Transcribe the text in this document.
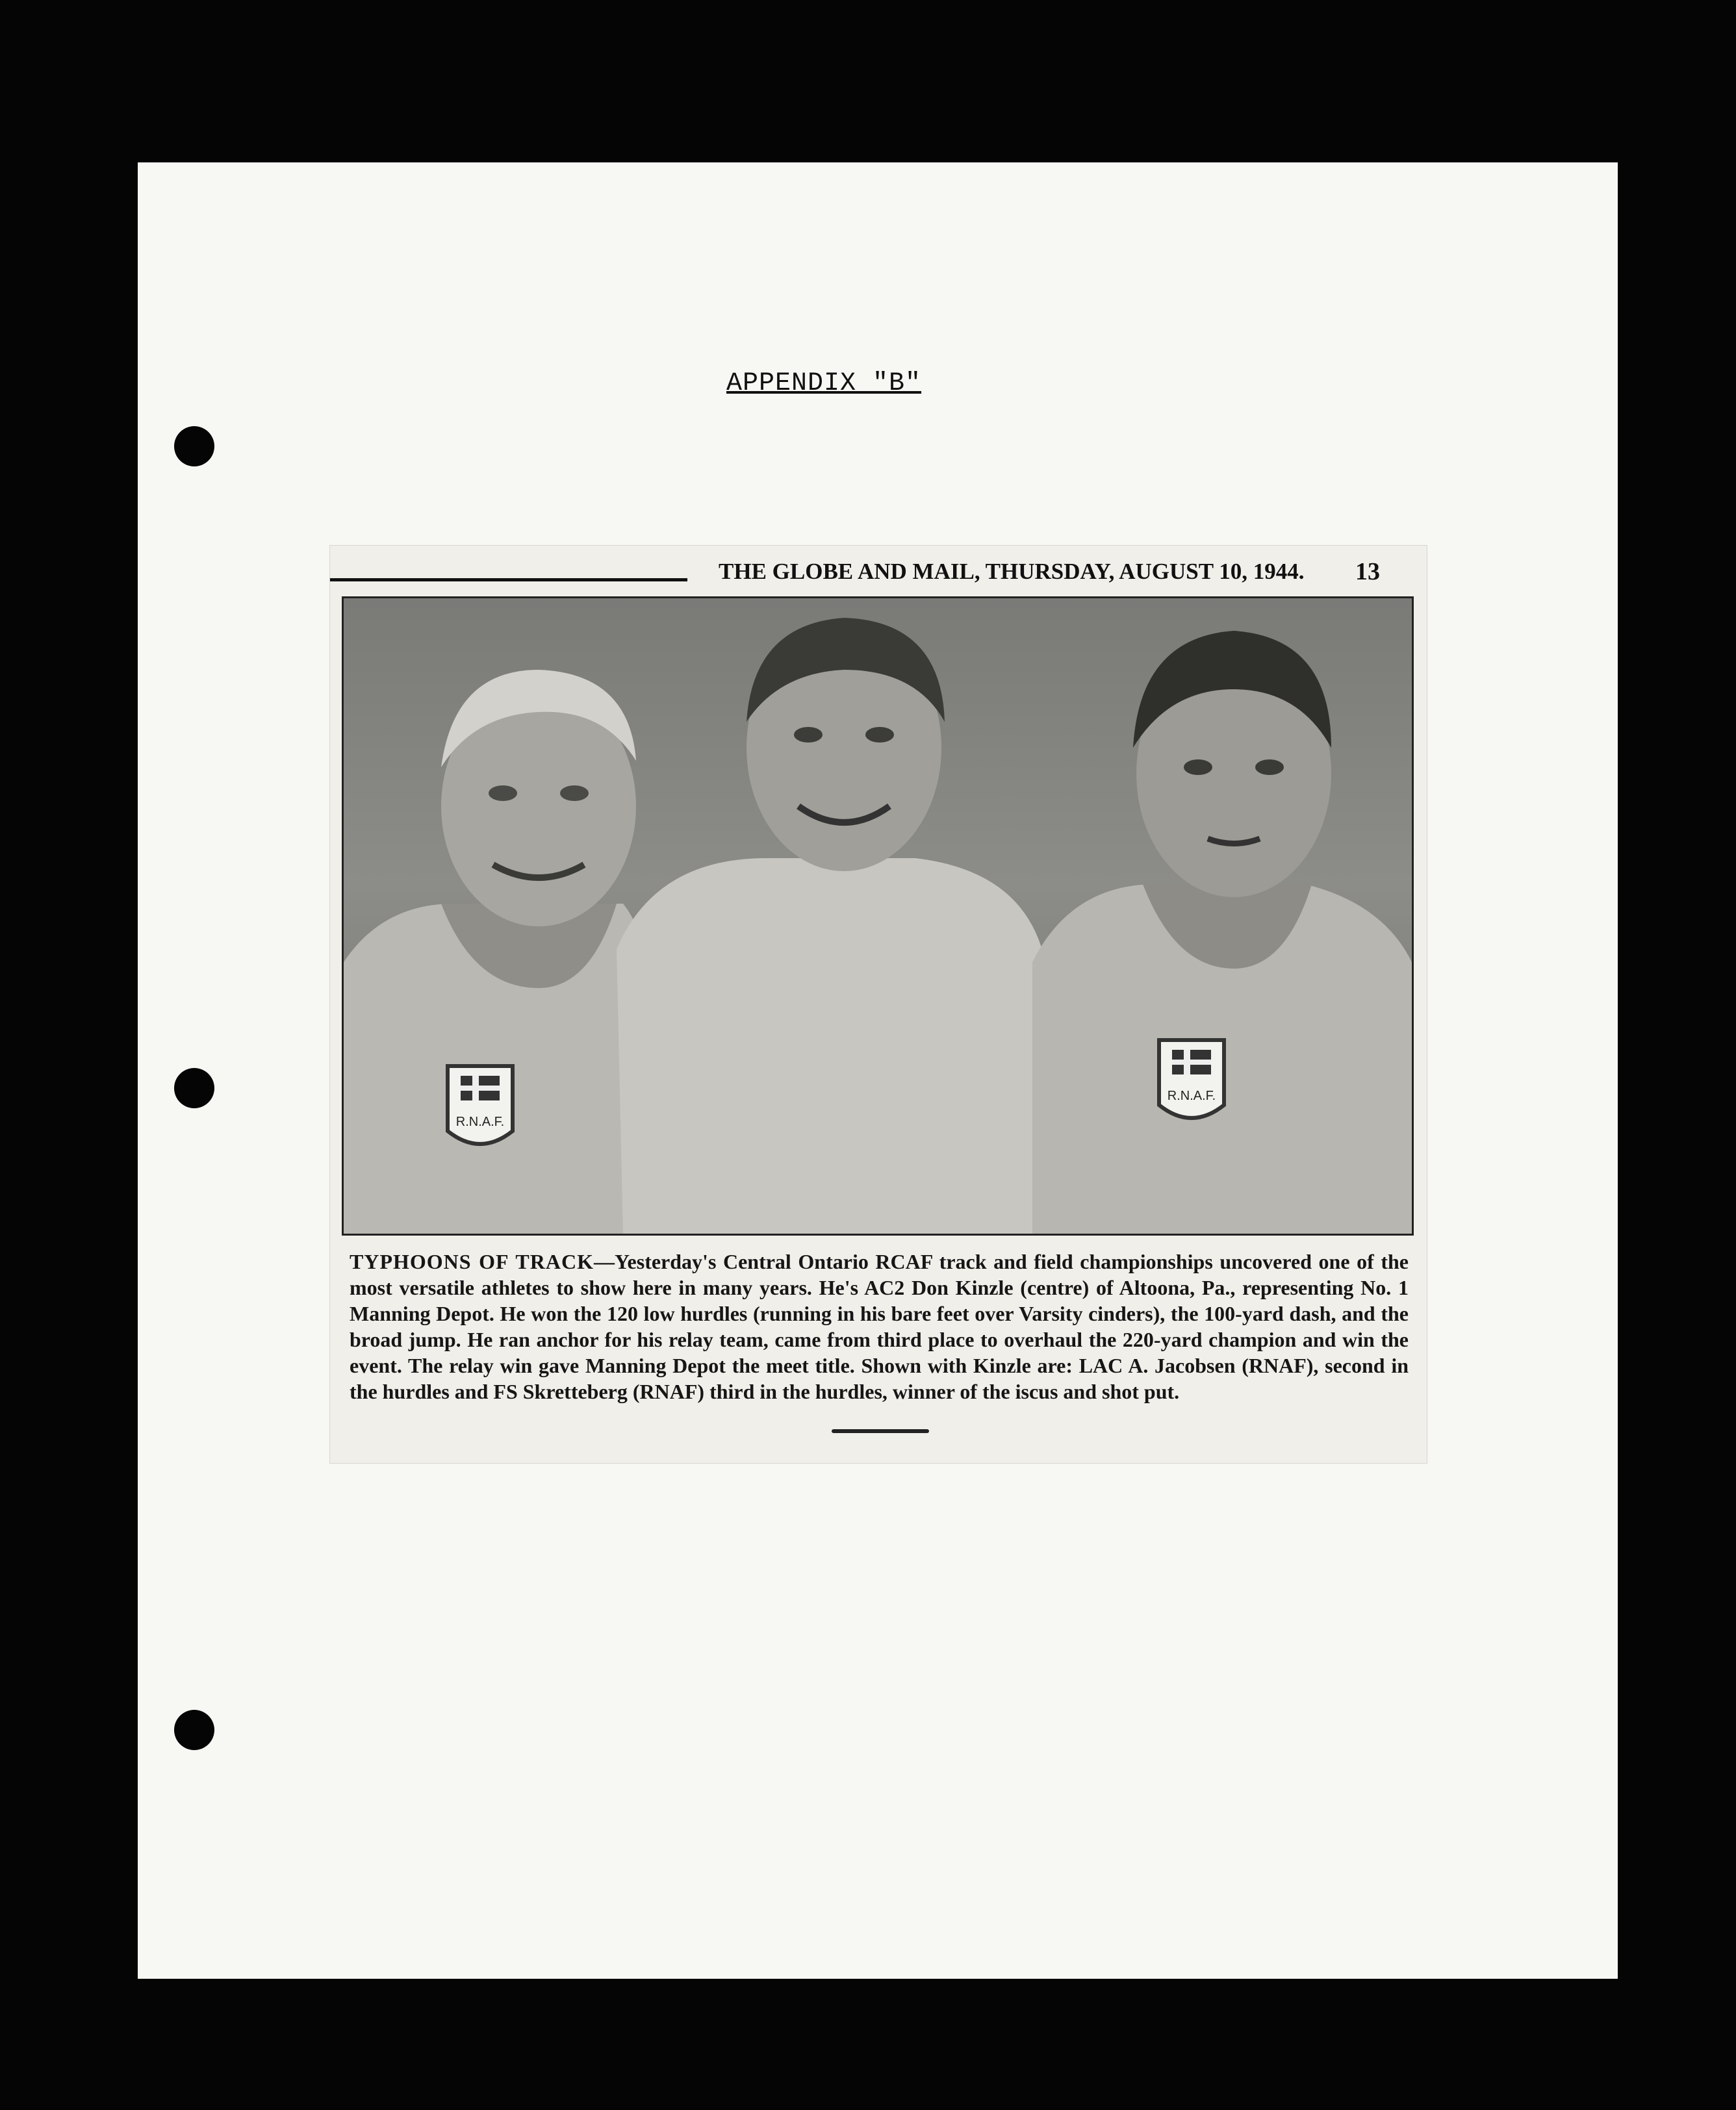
APPENDIX "B"
THE GLOBE AND MAIL, THURSDAY, AUGUST 10, 1944. 13
R.N.A.F.
R.N.A.F.
TYPHOONS OF TRACK—Yesterday's Central Ontario RCAF track and field championships uncovered one of the most versatile athletes to show here in many years. He's AC2 Don Kinzle (centre) of Altoona, Pa., representing No. 1 Manning Depot. He won the 120 low hurdles (running in his bare feet over Varsity cinders), the 100-yard dash, and the broad jump. He ran anchor for his relay team, came from third place to overhaul the 220-yard champion and win the event. The relay win gave Manning Depot the meet title. Shown with Kinzle are: LAC A. Jacobsen (RNAF), second in the hurdles and FS Skretteberg (RNAF) third in the hurdles, winner of the iscus and shot put.
